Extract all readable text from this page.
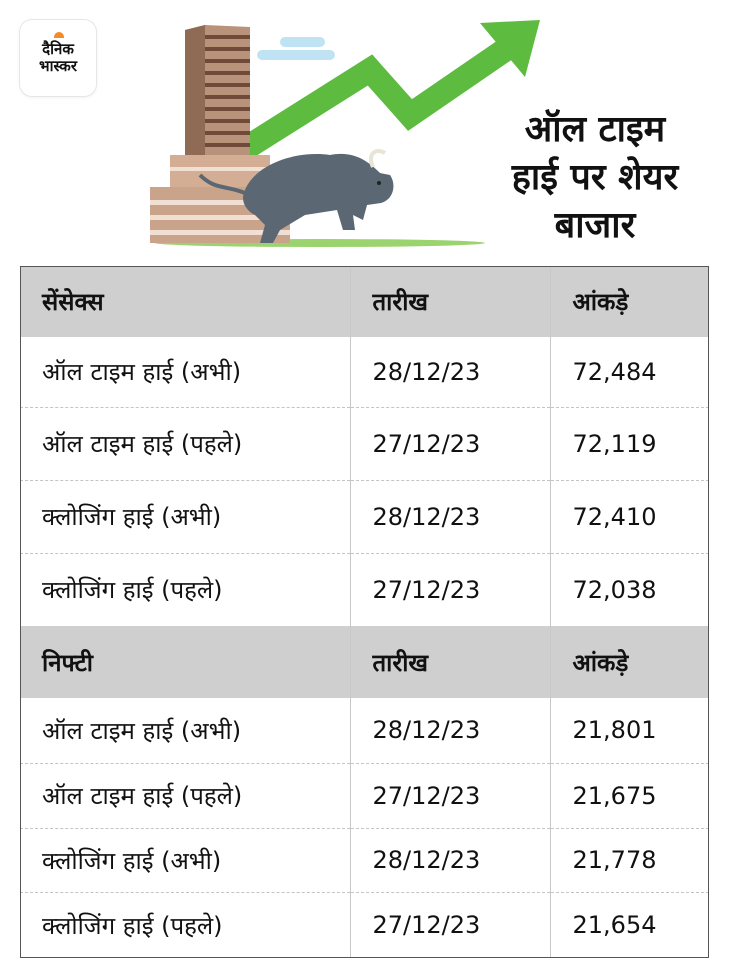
दैनिक
भास्कर
ऑल टाइम
हाई पर शेयर
बाजार
सेंसेक्स	तारीख	आंकड़े
ऑल टाइम हाई (अभी)	28/12/23	72,484
ऑल टाइम हाई (पहले)	27/12/23	72,119
क्लोजिंग हाई (अभी)	28/12/23	72,410
क्लोजिंग हाई (पहले)	27/12/23	72,038
निफ्टी	तारीख	आंकड़े
ऑल टाइम हाई (अभी)	28/12/23	21,801
ऑल टाइम हाई (पहले)	27/12/23	21,675
क्लोजिंग हाई (अभी)	28/12/23	21,778
क्लोजिंग हाई (पहले)	27/12/23	21,654
